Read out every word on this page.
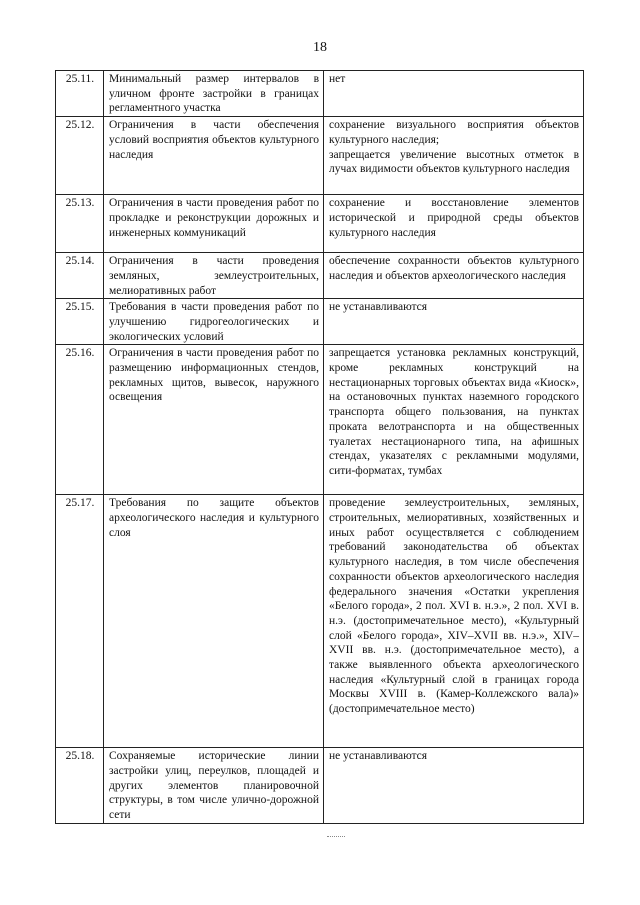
18
25.11.	Минимальный размер интервалов в уличном фронте застройки в границах регламентного участка	нет

25.12.	Ограничения в части обеспечения условий восприятия объектов культурного наследия	сохранение визуального восприятия объектов культурного наследия;
запрещается увеличение высотных отметок в лучах видимости объектов культурного наследия

25.13.	Ограничения в части проведения работ по прокладке и реконструкции дорожных и инженерных коммуникаций	сохранение и восстановление элементов исторической и природной среды объектов культурного наследия

25.14.	Ограничения в части проведения земляных, землеустроительных, мелиоративных работ	обеспечение сохранности объектов культурного наследия и объектов археологического наследия

25.15.	Требования в части проведения работ по улучшению гидрогеологических и экологических условий	не устанавливаются

25.16.	Ограничения в части проведения работ по размещению информационных стендов, рекламных щитов, вывесок, наружного освещения	запрещается установка рекламных конструкций, кроме рекламных конструкций на нестационарных торговых объектах вида «Киоск», на остановочных пунктах наземного городского транспорта общего пользования, на пунктах проката велотранспорта и на общественных туалетах нестационарного типа, на афишных стендах, указателях с рекламными модулями, сити-форматах, тумбах

25.17.	Требования по защите объектов археологического наследия и культурного слоя	проведение землеустроительных, земляных, строительных, мелиоративных, хозяйственных и иных работ осуществляется с соблюдением требований законодательства об объектах культурного наследия, в том числе обеспечения сохранности объектов археологического наследия федерального значения «Остатки укрепления «Белого города», 2 пол. XVI в. н.э.», 2 пол. XVI в. н.э. (достопримечательное место), «Культурный слой «Белого города», XIV–XVII вв. н.э.», XIV–XVII вв. н.э. (достопримечательное место), а также выявленного объекта археологического наследия «Культурный слой в границах города Москвы XVIII в. (Камер-Коллежского вала)» (достопримечательное место)

25.18.	Сохраняемые исторические линии застройки улиц, переулков, площадей и других элементов планировочной структуры, в том числе улично-дорожной сети	не устанавливаются
